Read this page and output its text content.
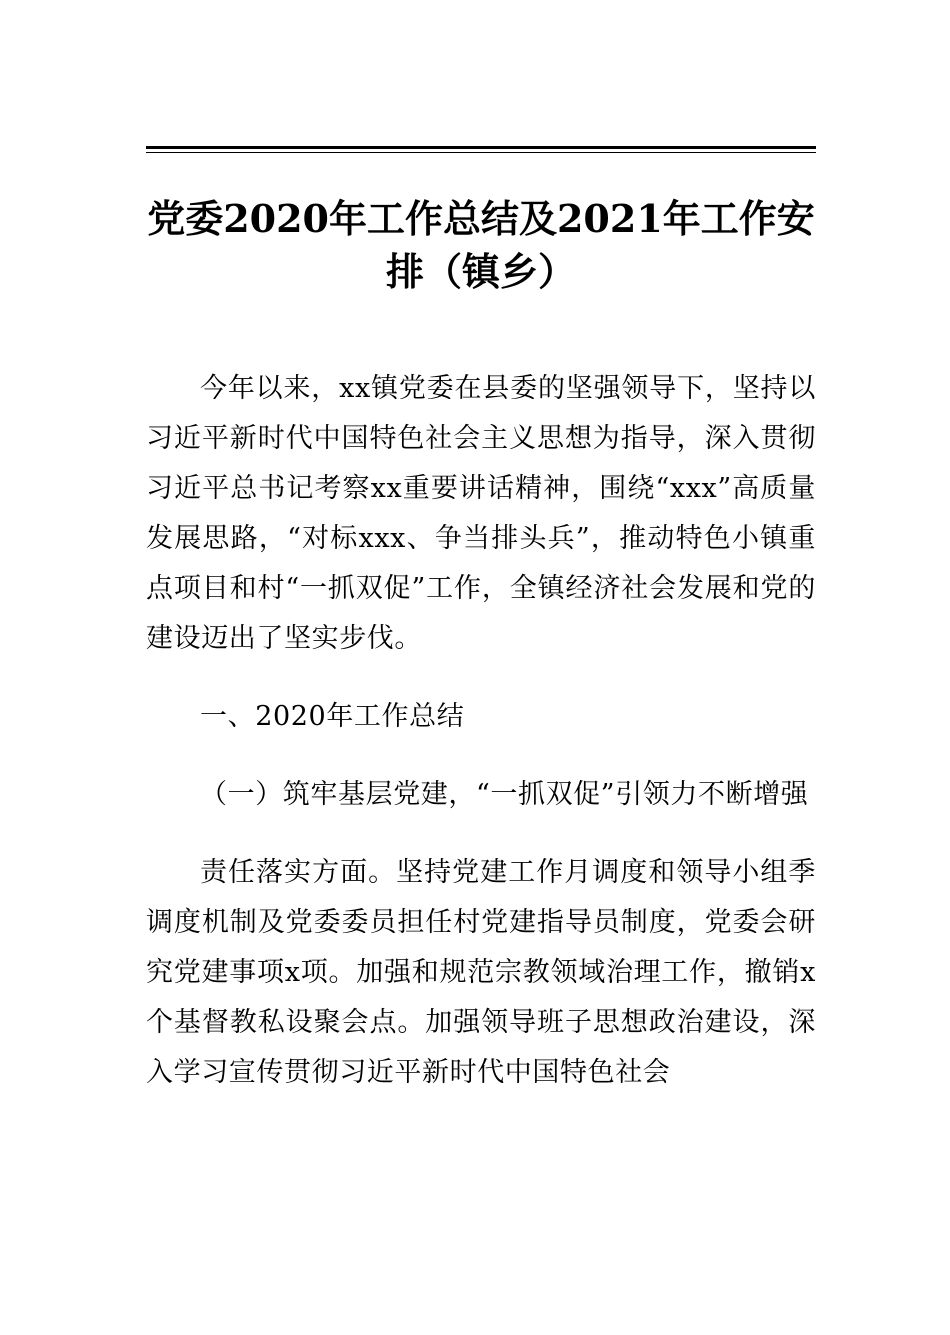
党委2020年工作总结及2021年工作安排（镇乡）

今年以来，xx镇党委在县委的坚强领导下，坚持以习近平新时代中国特色社会主义思想为指导，深入贯彻习近平总书记考察xx重要讲话精神，围绕“xxx”高质量发展思路，“对标xxx、争当排头兵”，推动特色小镇重点项目和村“一抓双促”工作，全镇经济社会发展和党的建设迈出了坚实步伐。

一、2020年工作总结

（一）筑牢基层党建，“一抓双促”引领力不断增强

责任落实方面。坚持党建工作月调度和领导小组季调度机制及党委委员担任村党建指导员制度，党委会研究党建事项x项。加强和规范宗教领域治理工作，撤销x个基督教私设聚会点。加强领导班子思想政治建设，深入学习宣传贯彻习近平新时代中国特色社会
